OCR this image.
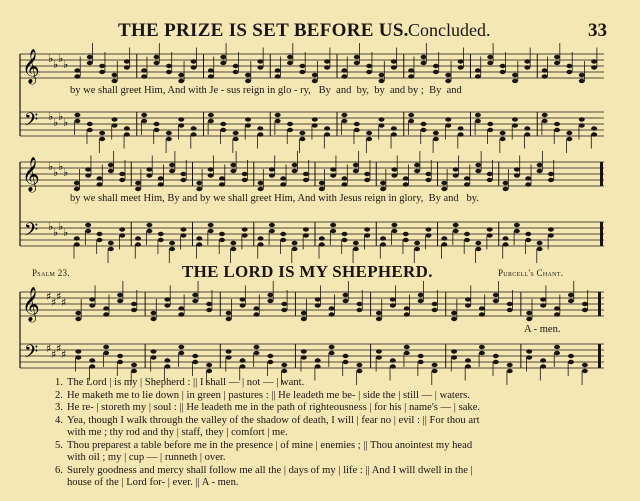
THE PRIZE IS SET BEFORE US. Concluded.	33
𝄞 ♭ ♭ ♭ ♭
𝄢 ♭ ♭ ♭ ♭
𝄞 ♭ ♭ ♭ ♭
𝄢 ♭ ♭ ♭ ♭
𝄞 ♯ ♯ ♯ ♯
𝄢 ♯ ♯ ♯ ♯
by we shall greet Him, And with Je - sus reign in glo - ry,   By  and  by,  by  and by ;  By  and
by we shall meet Him, By and by we shall greet Him, And with Jesus reign in glory,  By and   by.
Psalm 23.	THE LORD IS MY SHEPHERD.	Purcell's Chant.
A - men.
1. The Lord | is my | Shepherd : || I shall — | not — | want.
2. He maketh me to lie down | in green | pastures : || He leadeth me be- | side the | still — | waters.
3. He re- | storeth my | soul : || He leadeth me in the path of righteousness | for his | name's — | sake.
4. Yea, though I walk through the valley of the shadow of death, I will | fear no | evil : || For thou art
with me ; thy rod and thy | staff, they | comfort | me.
5. Thou preparest a table before me in the presence | of mine | enemies ; || Thou anointest my head
with oil ; my | cup — | runneth | over.
6. Surely goodness and mercy shall follow me all the | days of my | life : || And I will dwell in the |
house of the | Lord for- | ever. || A - men.
